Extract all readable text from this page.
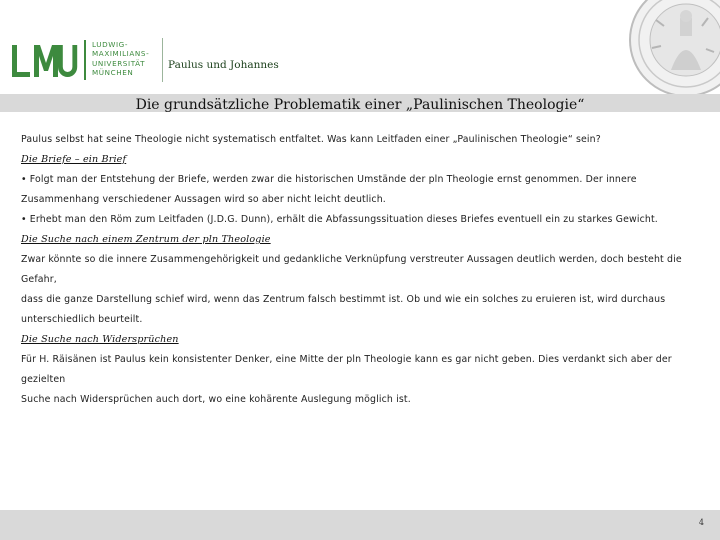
LUDWIG-
MAXIMILIANS-
UNIVERSITÄT
MÜNCHEN
Paulus und Johannes
Die grundsätzliche Problematik einer „Paulinischen Theologie“

Paulus selbst hat seine Theologie nicht systematisch entfaltet. Was kann Leitfaden einer „Paulinischen Theologie“ sein?

Die Briefe – ein Brief

• Folgt man der Entstehung der Briefe, werden zwar die historischen Umstände der pln Theologie ernst genommen. Der innere

Zusammenhang verschiedener Aussagen wird so aber nicht leicht deutlich.

• Erhebt man den Röm zum Leitfaden (J.D.G. Dunn), erhält die Abfassungssituation dieses Briefes eventuell ein zu starkes Gewicht.

Die Suche nach einem Zentrum der pln Theologie

Zwar könnte so die innere Zusammengehörigkeit und gedankliche Verknüpfung verstreuter Aussagen deutlich werden, doch besteht die Gefahr,

dass die ganze Darstellung schief wird, wenn das Zentrum falsch bestimmt ist. Ob und wie ein solches zu eruieren ist, wird durchaus

unterschiedlich beurteilt.

Die Suche nach Widersprüchen

Für H. Räisänen ist Paulus kein konsistenter Denker, eine Mitte der pln Theologie kann es gar nicht geben. Dies verdankt sich aber der gezielten

Suche nach Widersprüchen auch dort, wo eine kohärente Auslegung möglich ist.

4
